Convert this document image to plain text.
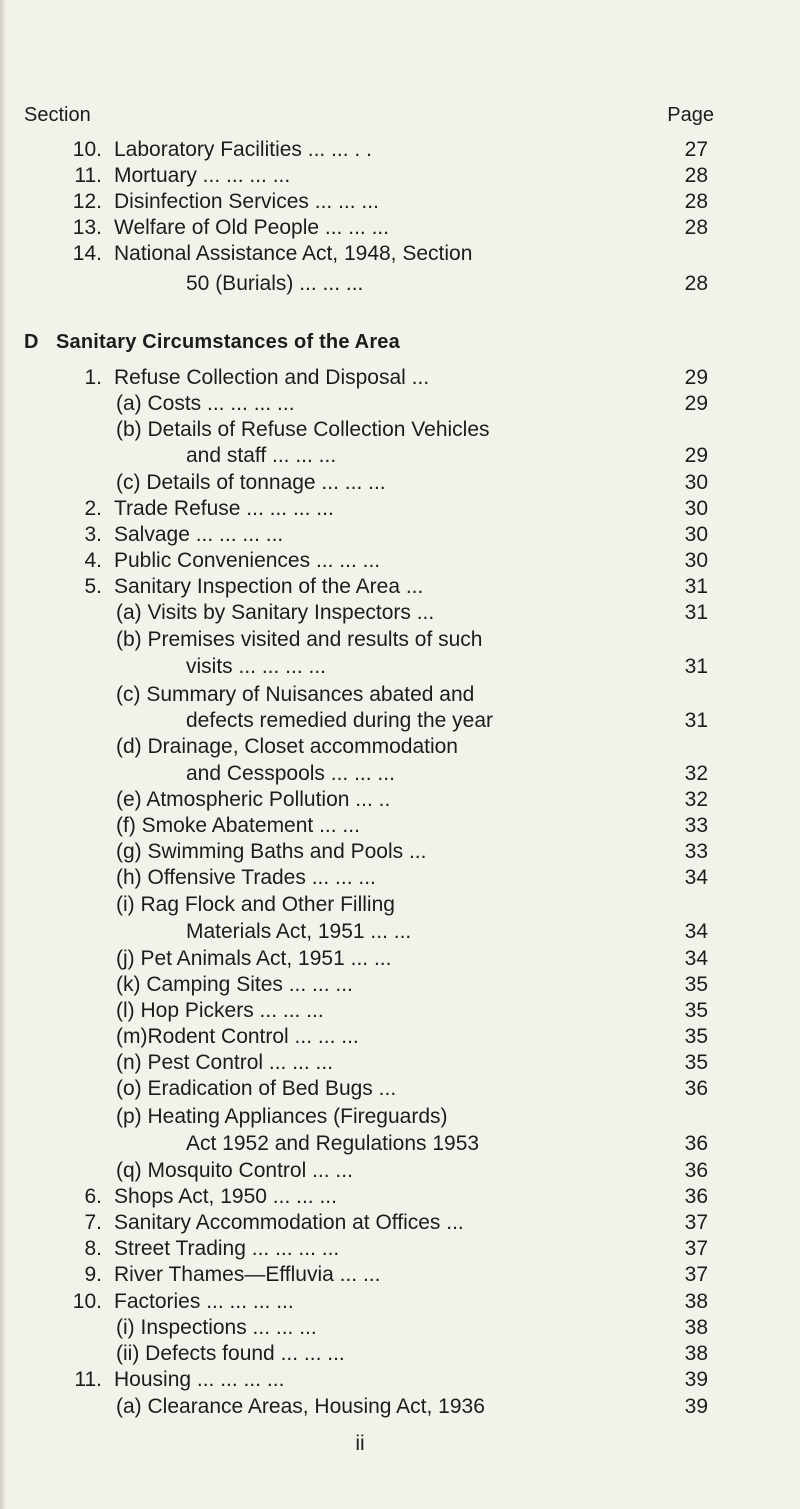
Section	Page
D Sanitary Circumstances of the Area
10. Laboratory Facilities ... ... . .	27
11. Mortuary ... ... ... ...	28
12. Disinfection Services ... ... ...	28
13. Welfare of Old People ... ... ...	28
14. National Assistance Act, 1948, Section
50 (Burials) ... ... ...	28
1. Refuse Collection and Disposal ...	29
(a) Costs ... ... ... ...	29
(b) Details of Refuse Collection Vehicles
and staff ... ... ...	29
(c) Details of tonnage ... ... ...	30
2. Trade Refuse ... ... ... ...	30
3. Salvage ... ... ... ...	30
4. Public Conveniences ... ... ...	30
5. Sanitary Inspection of the Area ...	31
(a) Visits by Sanitary Inspectors ...	31
(b) Premises visited and results of such
visits ... ... ... ...	31
(c) Summary of Nuisances abated and
defects remedied during the year	31
(d) Drainage, Closet accommodation
and Cesspools ... ... ...	32
(e) Atmospheric Pollution ... ..	32
(f) Smoke Abatement ... ...	33
(g) Swimming Baths and Pools ...	33
(h) Offensive Trades ... ... ...	34
(i) Rag Flock and Other Filling
Materials Act, 1951 ... ...	34
(j) Pet Animals Act, 1951 ... ...	34
(k) Camping Sites ... ... ...	35
(l) Hop Pickers ... ... ...	35
(m)Rodent Control ... ... ...	35
(n) Pest Control ... ... ...	35
(o) Eradication of Bed Bugs ...	36
(p) Heating Appliances (Fireguards)
Act 1952 and Regulations 1953	36
(q) Mosquito Control ... ...	36
6. Shops Act, 1950 ... ... ...	36
7. Sanitary Accommodation at Offices ...	37
8. Street Trading ... ... ... ...	37
9. River Thames—Effluvia ... ...	37
10. Factories ... ... ... ...	38
(i) Inspections ... ... ...	38
(ii) Defects found ... ... ...	38
11. Housing ... ... ... ...	39
(a) Clearance Areas, Housing Act, 1936	39
ii
